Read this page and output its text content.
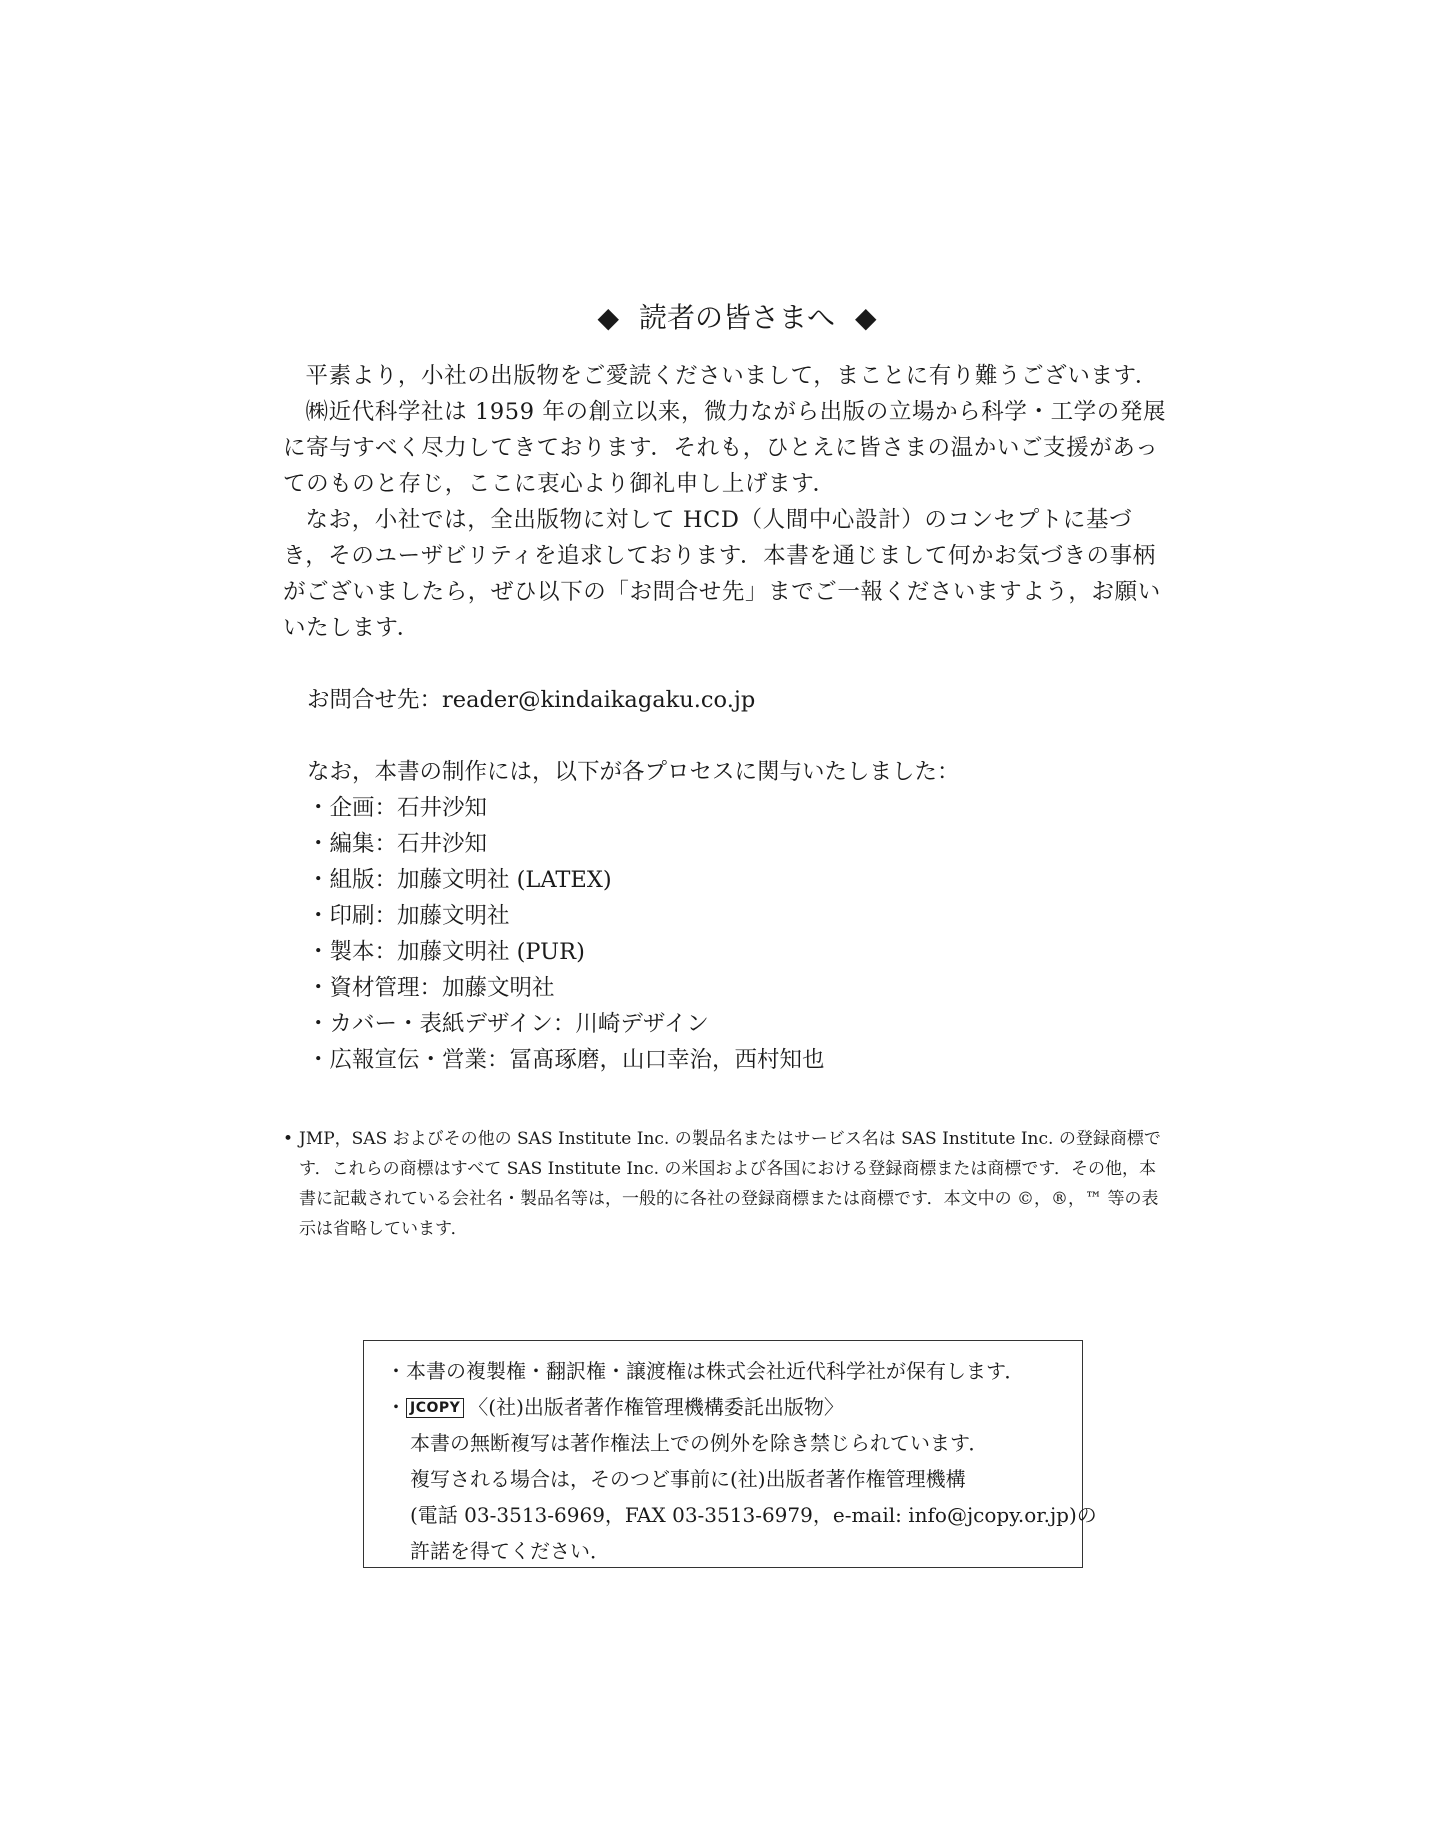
◆ 読者の皆さまへ ◆

平素より，小社の出版物をご愛読くださいまして，まことに有り難うございます．

㈱近代科学社は 1959 年の創立以来，微力ながら出版の立場から科学・工学の発展に寄与すべく尽力してきております．それも，ひとえに皆さまの温かいご支援があってのものと存じ，ここに衷心より御礼申し上げます．

なお，小社では，全出版物に対して HCD（人間中心設計）のコンセプトに基づき，そのユーザビリティを追求しております．本書を通じまして何かお気づきの事柄がございましたら，ぜひ以下の「お問合せ先」までご一報くださいますよう，お願いいたします．

お問合せ先：reader@kindaikagaku.co.jp
なお，本書の制作には，以下が各プロセスに関与いたしました：
・企画：石井沙知
・編集：石井沙知
・組版：加藤文明社 (LATEX)
・印刷：加藤文明社
・製本：加藤文明社 (PUR)
・資材管理：加藤文明社
・カバー・表紙デザイン：川崎デザイン
・広報宣伝・営業：冨髙琢磨，山口幸治，西村知也
• JMP，SAS およびその他の SAS Institute Inc. の製品名またはサービス名は SAS Institute Inc. の登録商標です．これらの商標はすべて SAS Institute Inc. の米国および各国における登録商標または商標です．その他，本書に記載されている会社名・製品名等は，一般的に各社の登録商標または商標です．本文中の ©，®，™ 等の表示は省略しています．
・本書の複製権・翻訳権・譲渡権は株式会社近代科学社が保有します．
・ JCOPY 〈(社)出版者著作権管理機構委託出版物〉
本書の無断複写は著作権法上での例外を除き禁じられています．
複写される場合は，そのつど事前に(社)出版者著作権管理機構
(電話 03-3513-6969，FAX 03-3513-6979，e-mail: info@jcopy.or.jp)の
許諾を得てください．
